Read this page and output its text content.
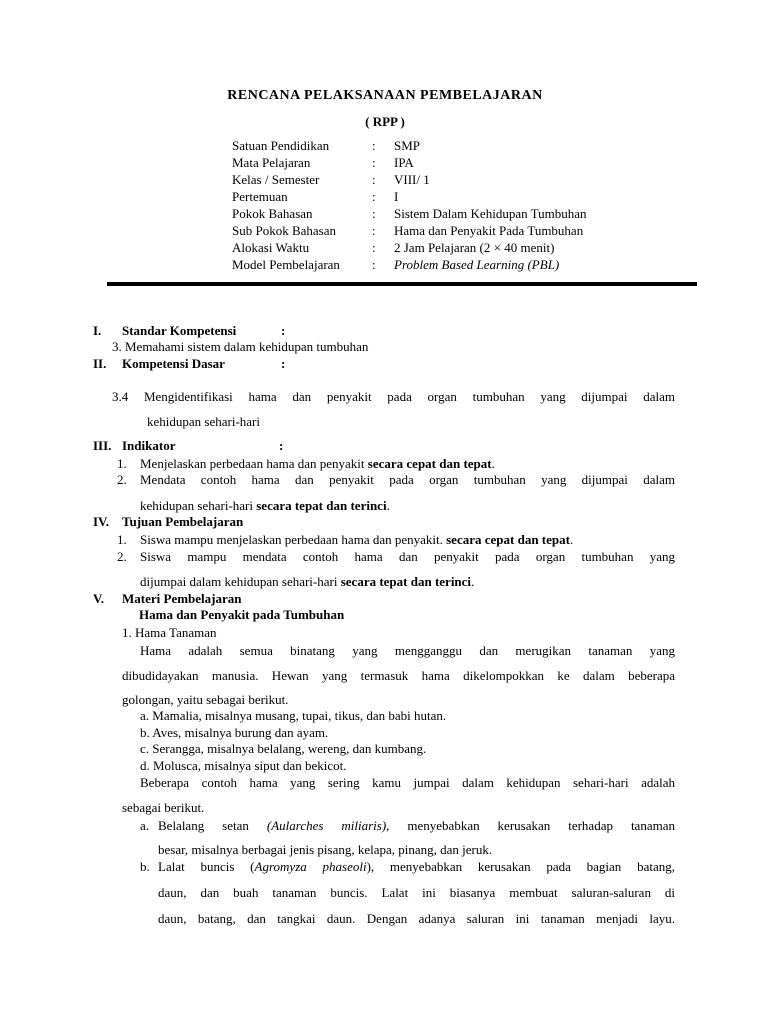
RENCANA PELAKSANAAN PEMBELAJARAN
( RPP )
Satuan Pendidikan	: SMP
Mata Pelajaran	: IPA
Kelas / Semester	: VIII/ 1
Pertemuan	: I
Pokok Bahasan	: Sistem Dalam Kehidupan Tumbuhan
Sub Pokok Bahasan	: Hama dan Penyakit Pada Tumbuhan
Alokasi Waktu	: 2 Jam Pelajaran (2 × 40 menit)
Model Pembelajaran : Problem Based Learning (PBL)
I. Standar Kompetensi	:
3. Memahami sistem dalam kehidupan tumbuhan
II. Kompetensi Dasar	:
3.4 Mengidentifikasi hama dan penyakit pada organ tumbuhan yang dijumpai dalam
kehidupan sehari-hari
III. Indikator	:
1. Menjelaskan perbedaan hama dan penyakit secara cepat dan tepat.
2. Mendata contoh hama dan penyakit pada organ tumbuhan yang dijumpai dalam
kehidupan sehari-hari secara tepat dan terinci.
IV. Tujuan Pembelajaran
1. Siswa mampu menjelaskan perbedaan hama dan penyakit. secara cepat dan tepat.
2. Siswa mampu mendata contoh hama dan penyakit pada organ tumbuhan yang
dijumpai dalam kehidupan sehari-hari secara tepat dan terinci.
V. Materi Pembelajaran
Hama dan Penyakit pada Tumbuhan
1. Hama Tanaman
Hama adalah semua binatang yang mengganggu dan merugikan tanaman yang
dibudidayakan manusia. Hewan yang termasuk hama dikelompokkan ke dalam beberapa
golongan, yaitu sebagai berikut.
a. Mamalia, misalnya musang, tupai, tikus, dan babi hutan.
b. Aves, misalnya burung dan ayam.
c. Serangga, misalnya belalang, wereng, dan kumbang.
d. Molusca, misalnya siput dan bekicot.
Beberapa contoh hama yang sering kamu jumpai dalam kehidupan sehari-hari adalah
sebagai berikut.
a. Belalang setan (Aularches miliaris), menyebabkan kerusakan terhadap tanaman
besar, misalnya berbagai jenis pisang, kelapa, pinang, dan jeruk.
b. Lalat buncis (Agromyza phaseoli), menyebabkan kerusakan pada bagian batang,
daun, dan buah tanaman buncis. Lalat ini biasanya membuat saluran-saluran di
daun, batang, dan tangkai daun. Dengan adanya saluran ini tanaman menjadi layu.
